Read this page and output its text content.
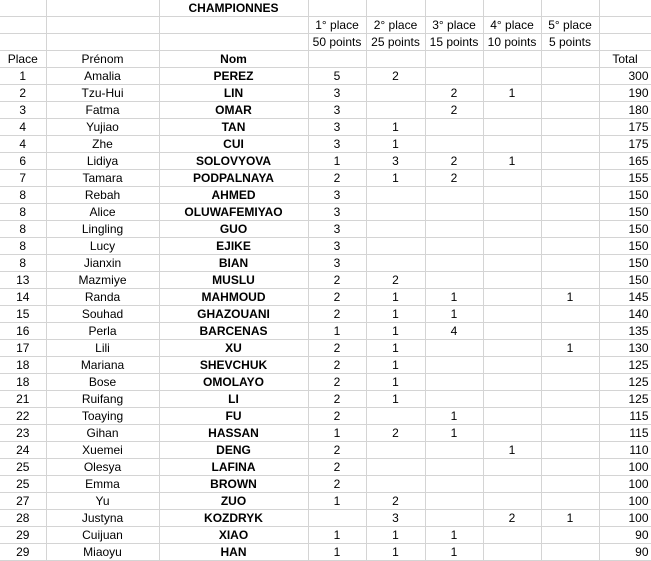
		CHAMPIONNES						
			1° place	2° place	3° place	4° place	5° place	
			50 points	25 points	15 points	10 points	5 points	
Place	Prénom	Nom						Total
1	Amalia	PEREZ	5	2				300
2	Tzu-Hui	LIN	3		2	1		190
3	Fatma	OMAR	3		2			180
4	Yujiao	TAN	3	1				175
4	Zhe	CUI	3	1				175
6	Lidiya	SOLOVYOVA	1	3	2	1		165
7	Tamara	PODPALNAYA	2	1	2			155
8	Rebah	AHMED	3					150
8	Alice	OLUWAFEMIYAO	3					150
8	Lingling	GUO	3					150
8	Lucy	EJIKE	3					150
8	Jianxin	BIAN	3					150
13	Mazmiye	MUSLU	2	2				150
14	Randa	MAHMOUD	2	1	1		1	145
15	Souhad	GHAZOUANI	2	1	1			140
16	Perla	BARCENAS	1	1	4			135
17	Lili	XU	2	1			1	130
18	Mariana	SHEVCHUK	2	1				125
18	Bose	OMOLAYO	2	1				125
21	Ruifang	LI	2	1				125
22	Toaying	FU	2		1			115
23	Gihan	HASSAN	1	2	1			115
24	Xuemei	DENG	2			1		110
25	Olesya	LAFINA	2					100
25	Emma	BROWN	2					100
27	Yu	ZUO	1	2				100
28	Justyna	KOZDRYK		3		2	1	100
29	Cuijuan	XIAO	1	1	1			90
29	Miaoyu	HAN	1	1	1			90
